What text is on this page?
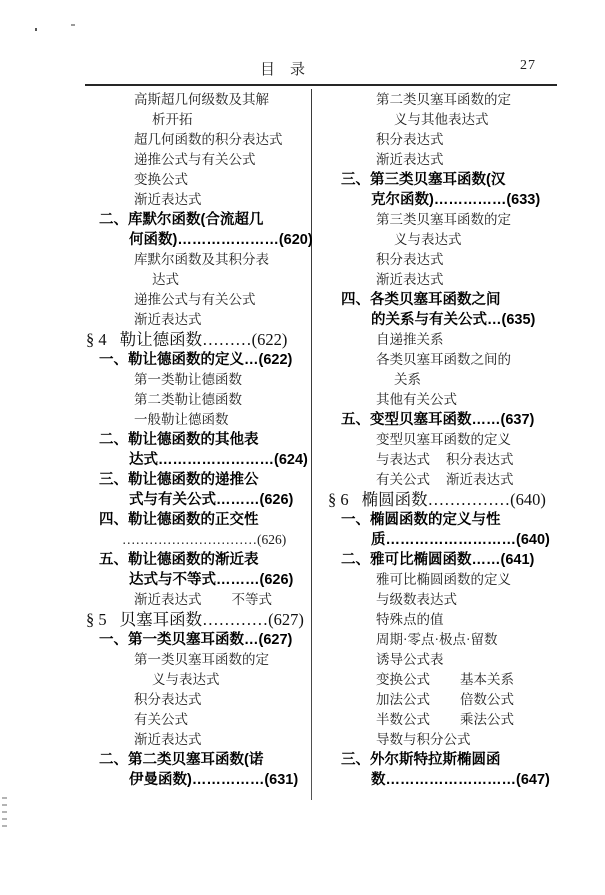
目　录	27
高斯超几何级数及其解
析开拓
超几何函数的积分表达式
递推公式与有关公式
变换公式
渐近表达式
二、库默尔函数(合流超几
何函数)…………………(620)
库默尔函数及其积分表
达式
递推公式与有关公式
渐近表达式
§ 4 勒让德函数………(622)
一、勒让德函数的定义…(622)
第一类勒让德函数
第二类勒让德函数
一般勒让德函数
二、勒让德函数的其他表
达式……………………(624)
三、勒让德函数的递推公
式与有关公式………(626)
四、勒让德函数的正交性
…………………………(626)
五、勒让德函数的渐近表
达式与不等式………(626)
渐近表达式 不等式
§ 5 贝塞耳函数…………(627)
一、第一类贝塞耳函数…(627)
第一类贝塞耳函数的定
义与表达式
积分表达式
有关公式
渐近表达式
二、第二类贝塞耳函数(诺
伊曼函数)……………(631)
第二类贝塞耳函数的定
义与其他表达式
积分表达式
渐近表达式
三、第三类贝塞耳函数(汉
克尔函数)……………(633)
第三类贝塞耳函数的定
义与表达式
积分表达式
渐近表达式
四、各类贝塞耳函数之间
的关系与有关公式…(635)
自递推关系
各类贝塞耳函数之间的
关系
其他有关公式
五、变型贝塞耳函数……(637)
变型贝塞耳函数的定义
与表达式 积分表达式
有关公式 渐近表达式
§ 6 椭圆函数……………(640)
一、椭圆函数的定义与性
质………………………(640)
二、雅可比椭圆函数……(641)
雅可比椭圆函数的定义
与级数表达式
特殊点的值
周期·零点·极点·留数
诱导公式表
变换公式 基本关系
加法公式 倍数公式
半数公式 乘法公式
导数与积分公式
三、外尔斯特拉斯椭圆函
数………………………(647)
